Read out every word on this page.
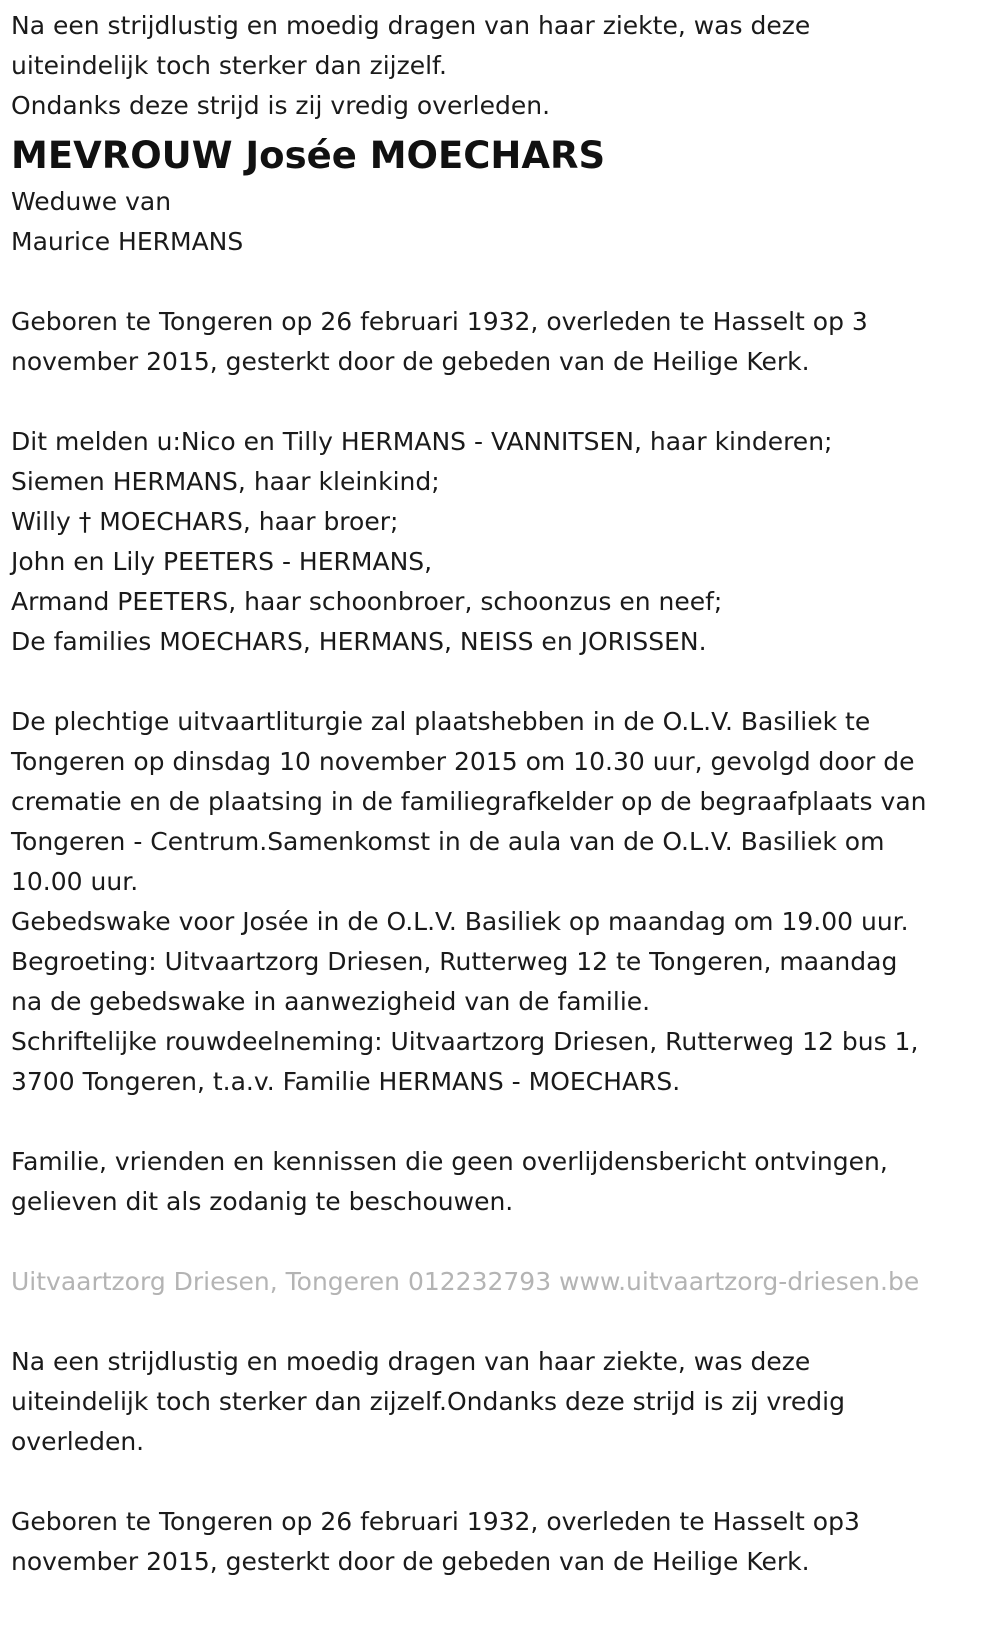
Na een strijdlustig en moedig dragen van haar ziekte, was deze

uiteindelijk toch sterker dan zijzelf.

Ondanks deze strijd is zij vredig overleden.

MEVROUW Josée MOECHARS

Weduwe van

Maurice HERMANS

Geboren te Tongeren op 26 februari 1932, overleden te Hasselt op 3

november 2015, gesterkt door de gebeden van de Heilige Kerk.

Dit melden u:Nico en Tilly HERMANS - VANNITSEN, haar kinderen;

Siemen HERMANS, haar kleinkind;

Willy † MOECHARS, haar broer;

John en Lily PEETERS - HERMANS,

Armand PEETERS, haar schoonbroer, schoonzus en neef;

De families MOECHARS, HERMANS, NEISS en JORISSEN.

De plechtige uitvaartliturgie zal plaatshebben in de O.L.V. Basiliek te

Tongeren op dinsdag 10 november 2015 om 10.30 uur, gevolgd door de

crematie en de plaatsing in de familiegrafkelder op de begraafplaats van

Tongeren - Centrum.Samenkomst in de aula van de O.L.V. Basiliek om

10.00 uur.

Gebedswake voor Josée in de O.L.V. Basiliek op maandag om 19.00 uur.

Begroeting: Uitvaartzorg Driesen, Rutterweg 12 te Tongeren, maandag

na de gebedswake in aanwezigheid van de familie.

Schriftelijke rouwdeelneming: Uitvaartzorg Driesen, Rutterweg 12 bus 1,

3700 Tongeren, t.a.v. Familie HERMANS - MOECHARS.

Familie, vrienden en kennissen die geen overlijdensbericht ontvingen,

gelieven dit als zodanig te beschouwen.

Uitvaartzorg Driesen, Tongeren 012232793 www.uitvaartzorg-driesen.be

Na een strijdlustig en moedig dragen van haar ziekte, was deze

uiteindelijk toch sterker dan zijzelf.Ondanks deze strijd is zij vredig

overleden.

Geboren te Tongeren op 26 februari 1932, overleden te Hasselt op3

november 2015, gesterkt door de gebeden van de Heilige Kerk.
